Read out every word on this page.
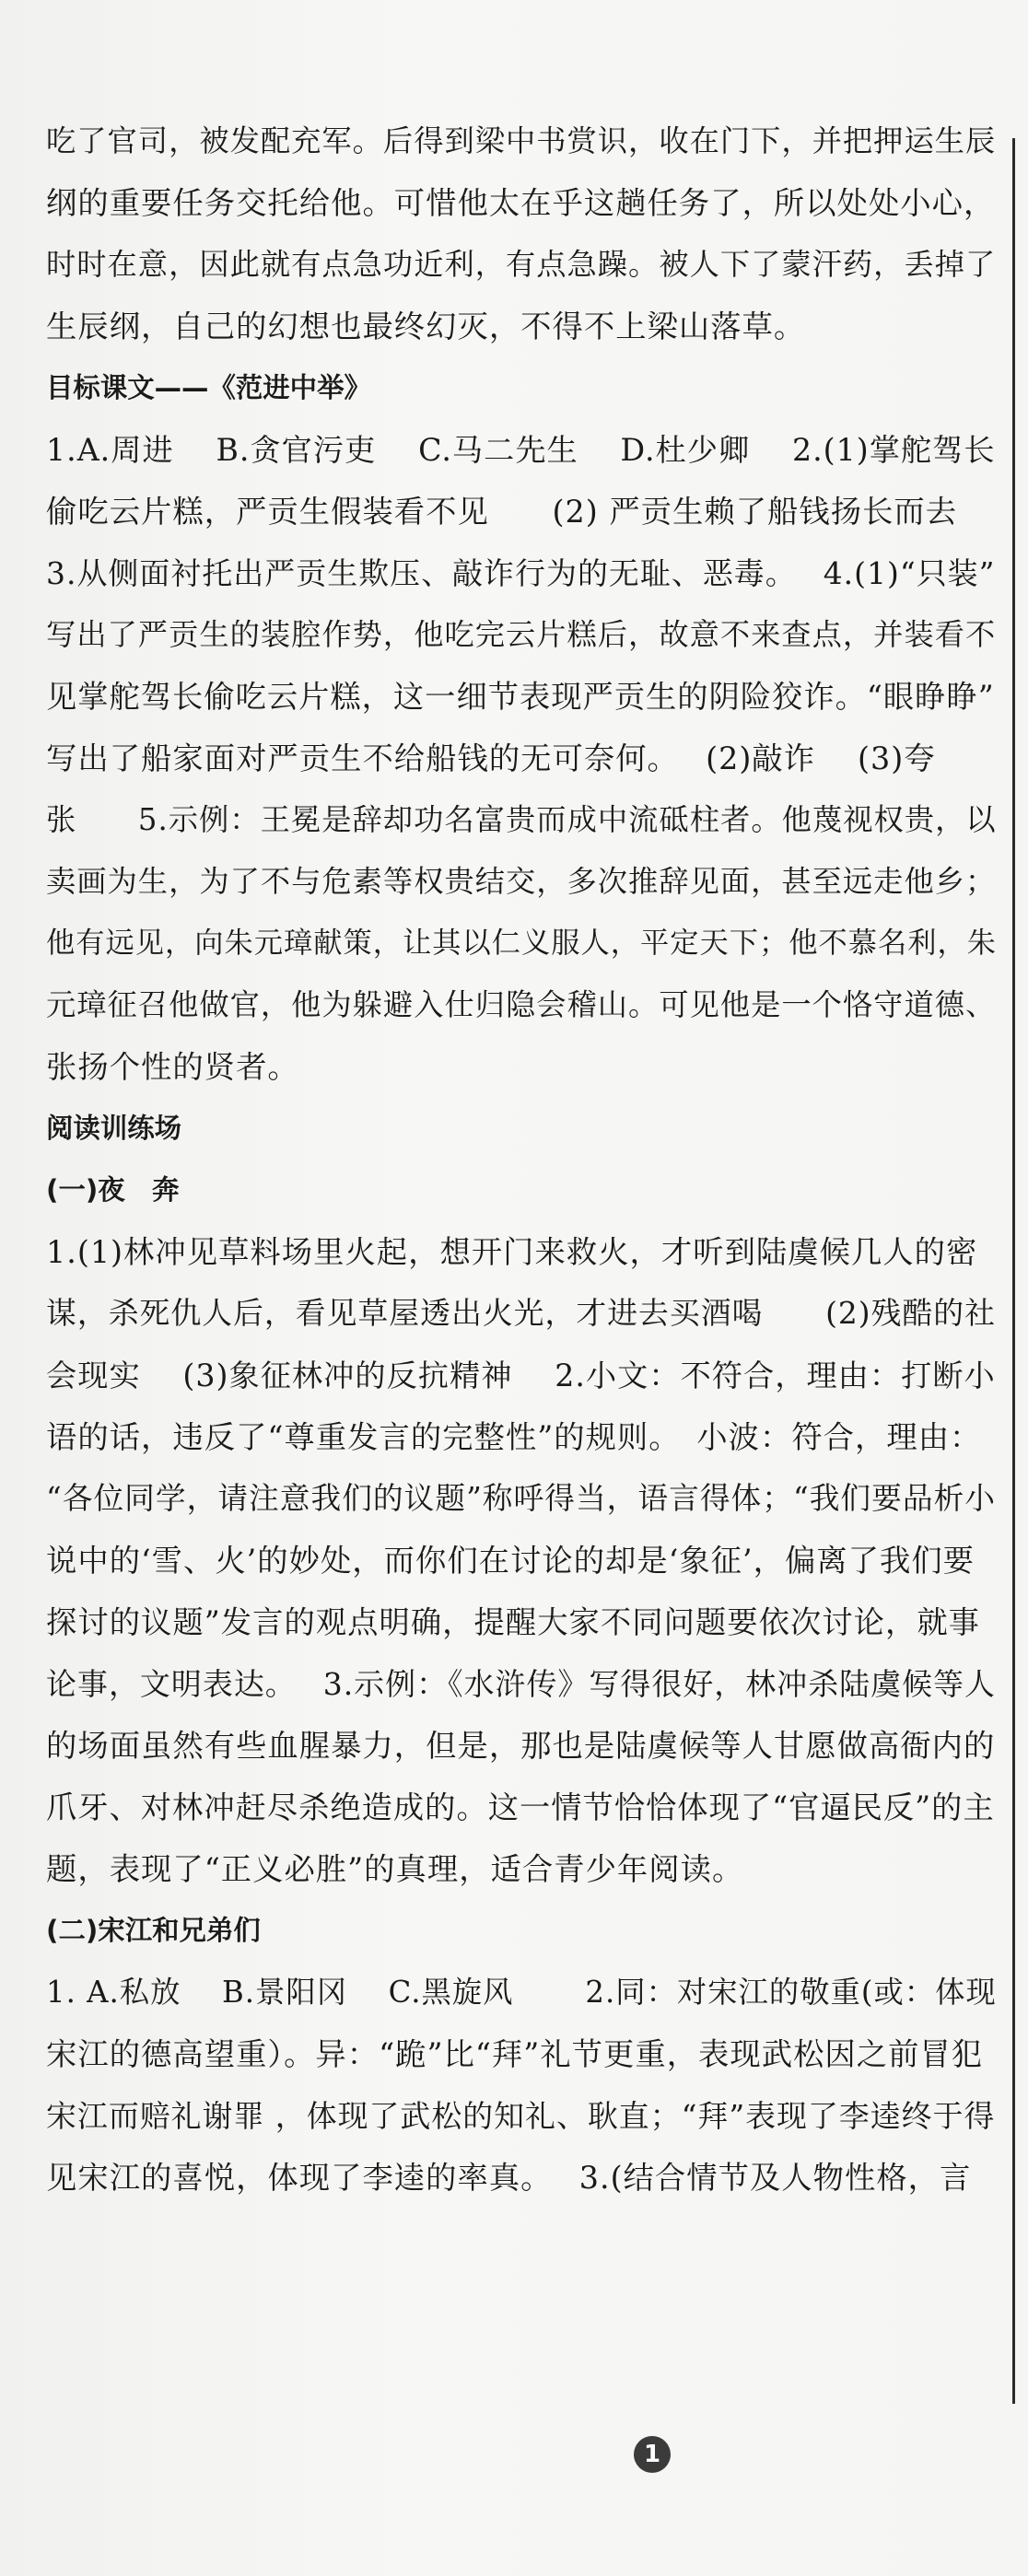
吃了官司，被发配充军。后得到梁中书赏识，收在门下，并把押运生辰
纲的重要任务交托给他。可惜他太在乎这趟任务了，所以处处小心，
时时在意，因此就有点急功近利，有点急躁。被人下了蒙汗药，丢掉了
生辰纲，自己的幻想也最终幻灭，不得不上梁山落草。
目标课文——《范进中举》
1.A.周进　 B.贪官污吏　 C.马二先生　 D.杜少卿　 2.(1)掌舵驾长
偷吃云片糕，严贡生假装看不见　　(2) 严贡生赖了船钱扬长而去
3.从侧面衬托出严贡生欺压、敲诈行为的无耻、恶毒。　 4.(1)“只装”
写出了严贡生的装腔作势，他吃完云片糕后，故意不来查点，并装看不
见掌舵驾长偷吃云片糕，这一细节表现严贡生的阴险狡诈。“眼睁睁”
写出了船家面对严贡生不给船钱的无可奈何。　 (2)敲诈　 (3)夸
张　　5.示例：王冕是辞却功名富贵而成中流砥柱者。他蔑视权贵，以
卖画为生，为了不与危素等权贵结交，多次推辞见面，甚至远走他乡；
他有远见，向朱元璋献策，让其以仁义服人，平定天下；他不慕名利，朱
元璋征召他做官，他为躲避入仕归隐会稽山。可见他是一个恪守道德、
张扬个性的贤者。
阅读训练场
(一)夜　奔
1.(1)林冲见草料场里火起，想开门来救火，才听到陆虞候几人的密
谋，杀死仇人后，看见草屋透出火光，才进去买酒喝　　(2)残酷的社
会现实　 (3)象征林冲的反抗精神　 2.小文：不符合，理由：打断小
语的话，违反了“尊重发言的完整性”的规则。　小波：符合，理由：
“各位同学，请注意我们的议题”称呼得当，语言得体；“我们要品析小
说中的‘雪、火’的妙处，而你们在讨论的却是‘象征’，偏离了我们要
探讨的议题”发言的观点明确，提醒大家不同问题要依次讨论，就事
论事，文明表达。　 3.示例：《水浒传》写得很好，林冲杀陆虞候等人
的场面虽然有些血腥暴力，但是，那也是陆虞候等人甘愿做高衙内的
爪牙、对林冲赶尽杀绝造成的。这一情节恰恰体现了“官逼民反”的主
题，表现了“正义必胜”的真理，适合青少年阅读。
(二)宋江和兄弟们
1. A.私放　 B.景阳冈　 C.黑旋风　　 2.同：对宋江的敬重(或：体现
宋江的德高望重）。异：“跪”比“拜”礼节更重，表现武松因之前冒犯
宋江而赔礼谢罪 ，体现了武松的知礼、耿直；“拜”表现了李逵终于得
见宋江的喜悦，体现了李逵的率真。　 3.(结合情节及人物性格，言
1
